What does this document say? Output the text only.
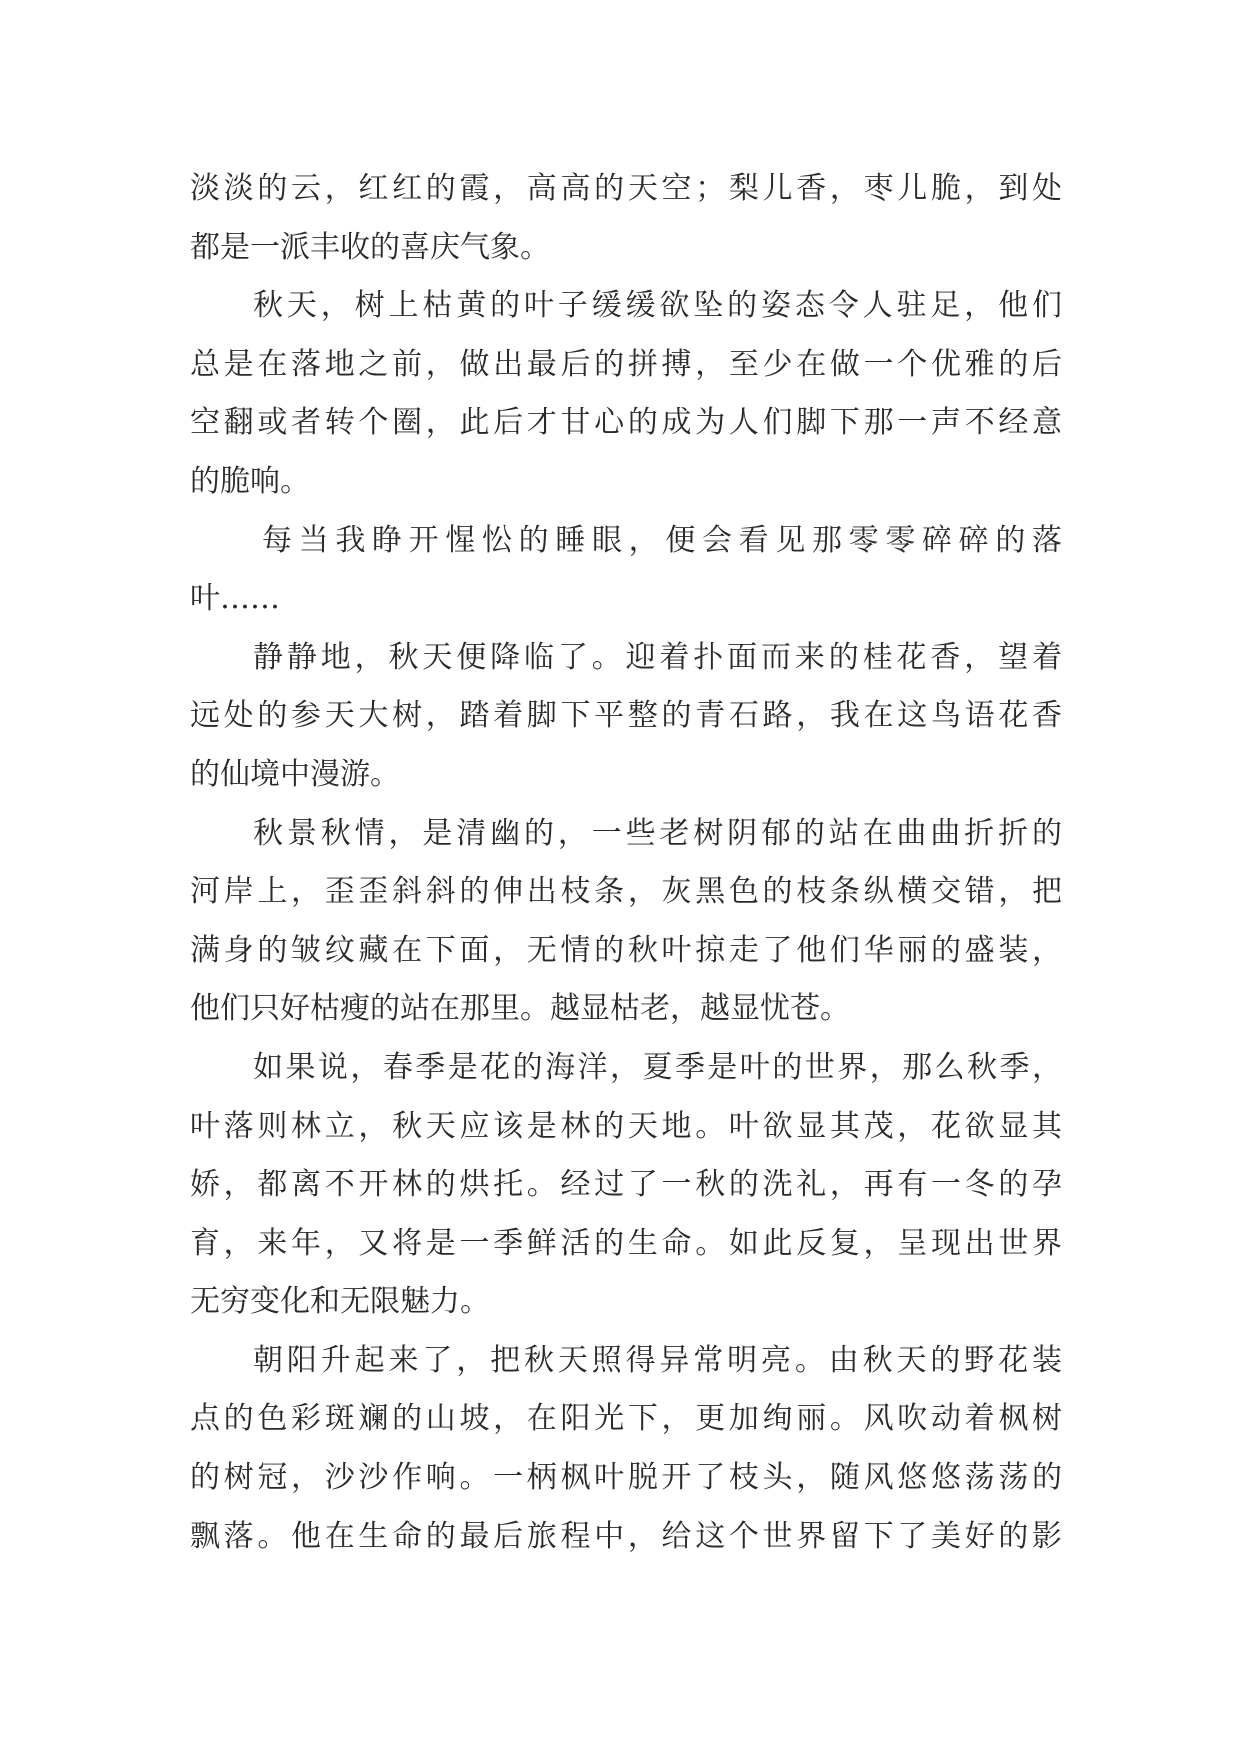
淡淡的云，红红的霞，高高的天空；梨儿香，枣儿脆，到处
都是一派丰收的喜庆气象。
秋天，树上枯黄的叶子缓缓欲坠的姿态令人驻足，他们
总是在落地之前，做出最后的拼搏，至少在做一个优雅的后
空翻或者转个圈，此后才甘心的成为人们脚下那一声不经意
的脆响。
每当我睁开惺忪的睡眼，便会看见那零零碎碎的落
叶……
静静地，秋天便降临了。迎着扑面而来的桂花香，望着
远处的参天大树，踏着脚下平整的青石路，我在这鸟语花香
的仙境中漫游。
秋景秋情，是清幽的，一些老树阴郁的站在曲曲折折的
河岸上，歪歪斜斜的伸出枝条，灰黑色的枝条纵横交错，把
满身的皱纹藏在下面，无情的秋叶掠走了他们华丽的盛装，
他们只好枯瘦的站在那里。越显枯老，越显忧苍。
如果说，春季是花的海洋，夏季是叶的世界，那么秋季，
叶落则林立，秋天应该是林的天地。叶欲显其茂，花欲显其
娇，都离不开林的烘托。经过了一秋的洗礼，再有一冬的孕
育，来年，又将是一季鲜活的生命。如此反复，呈现出世界
无穷变化和无限魅力。
朝阳升起来了，把秋天照得异常明亮。由秋天的野花装
点的色彩斑斓的山坡，在阳光下，更加绚丽。风吹动着枫树
的树冠，沙沙作响。一柄枫叶脱开了枝头，随风悠悠荡荡的
飘落。他在生命的最后旅程中，给这个世界留下了美好的影
